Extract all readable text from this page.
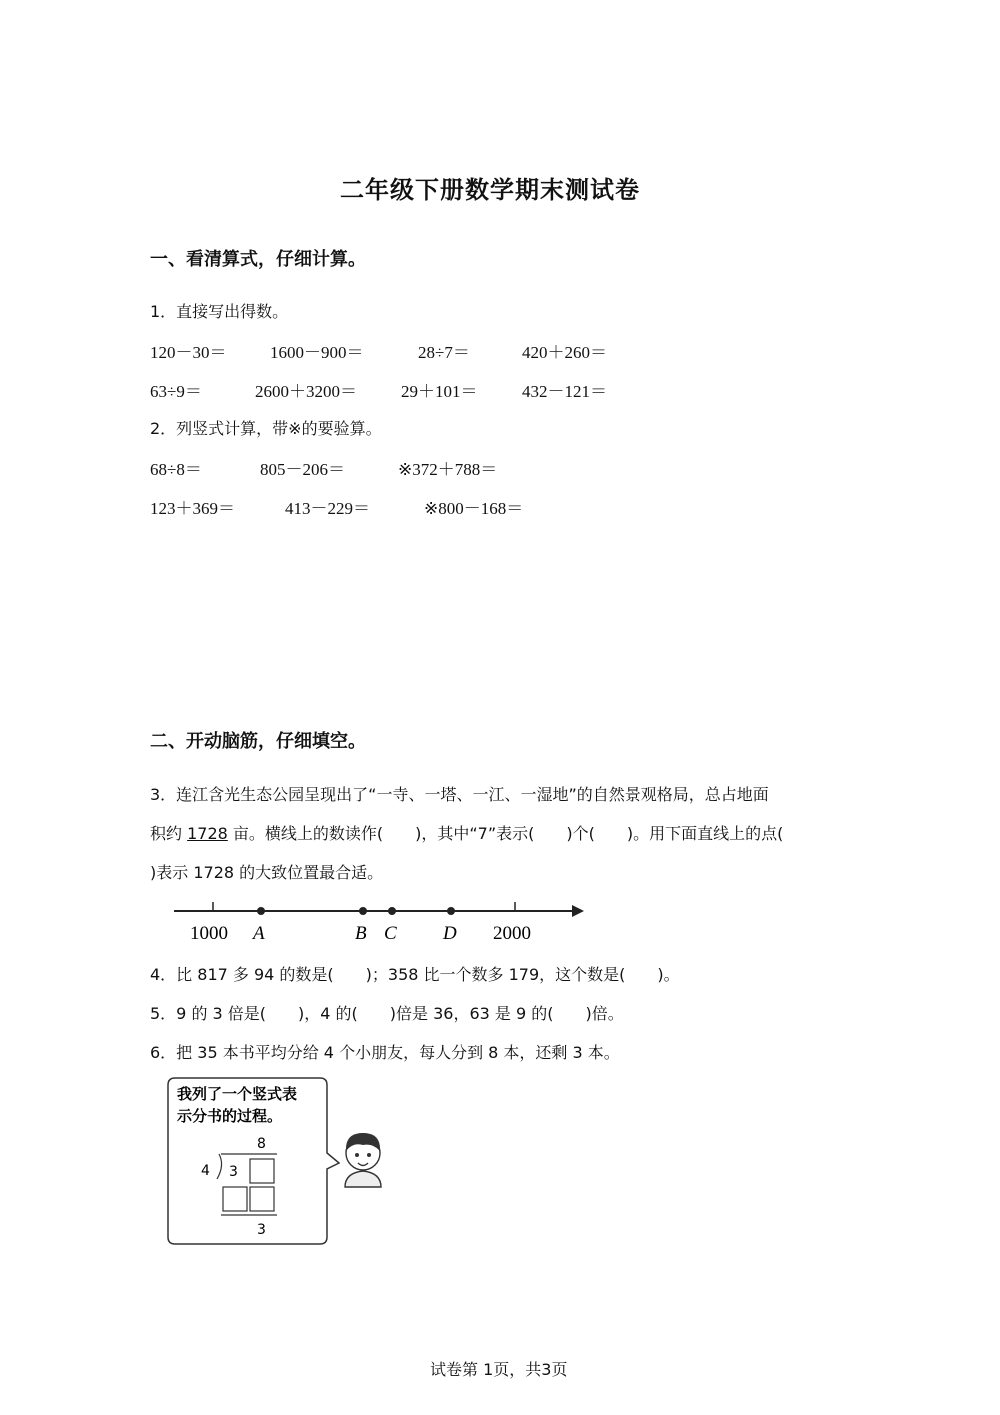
二年级下册数学期末测试卷
一、看清算式，仔细计算。
1．直接写出得数。
120－30＝	1600－900＝	28÷7＝	420＋260＝
63÷9＝	2600＋3200＝	29＋101＝	432－121＝
2．列竖式计算，带※的要验算。
68÷8＝	805－206＝	※372＋788＝
123＋369＝	413－229＝	※800－168＝
二、开动脑筋，仔细填空。
3．连江含光生态公园呈现出了“一寺、一塔、一江、一湿地”的自然景观格局，总占地面
积约 1728 亩。横线上的数读作(　　)，其中“7”表示(　　)个(　　)。用下面直线上的点(
)表示 1728 的大致位置最合适。
1000 A	B C D 2000
4．比 817 多 94 的数是(　　)；358 比一个数多 179，这个数是(　　)。
5．9 的 3 倍是(　　)，4 的(　　)倍是 36，63 是 9 的(　　)倍。
6．把 35 本书平均分给 4 个小朋友，每人分到 8 本，还剩 3 本。
我列了一个竖式表
示分书的过程。
8
4 3
3
试卷第 1页，共3页
